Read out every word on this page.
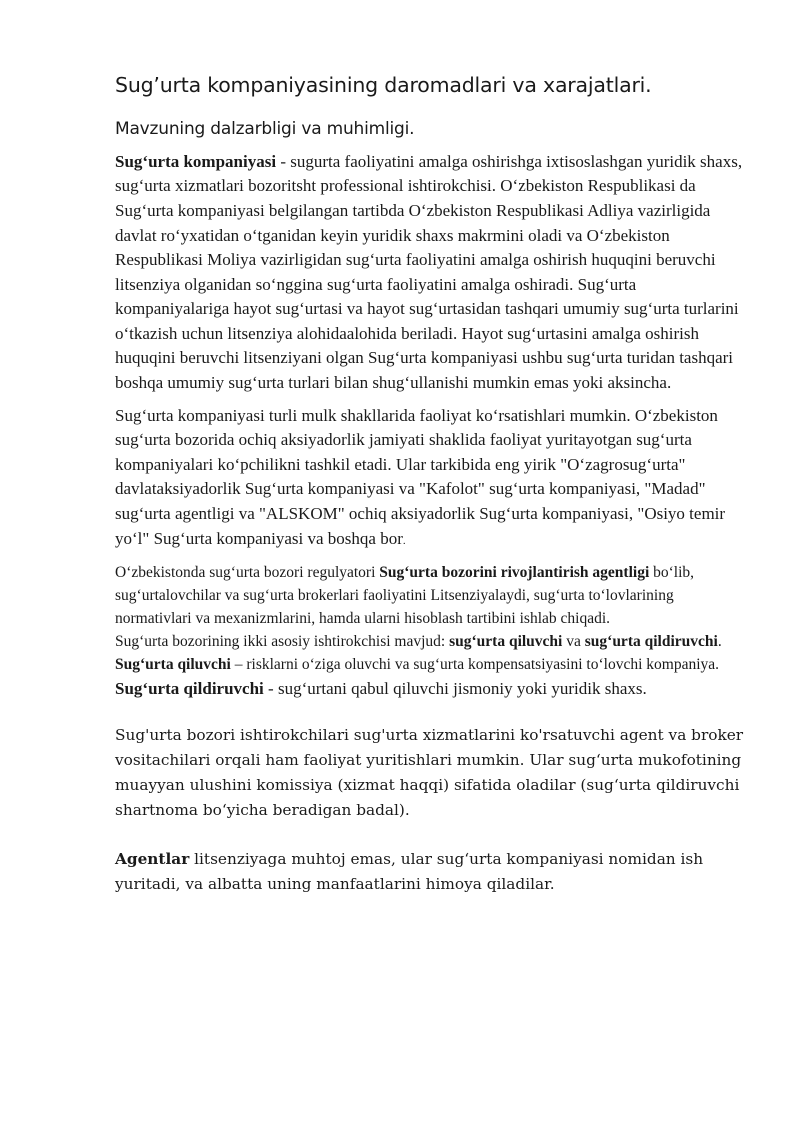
Sug’urta kompaniyasining daromadlari va xarajatlari.
Mavzuning dalzarbligi va muhimligi.

Sug‘urta kompaniyasi - sugurta faoliyatini amalga oshirishga ixtisoslashgan yuridik shaxs, sug‘urta xizmatlari bozoritsht professional ishtirokchisi. O‘zbekiston Respublikasi da Sug‘urta kompaniyasi belgilangan tartibda O‘zbekiston Respublikasi Adliya vazirligida davlat ro‘yxatidan o‘tganidan keyin yuridik shaxs makrmini oladi va O‘zbekiston Respublikasi Moliya vazirligidan sug‘urta faoliyatini amalga oshirish huquqini beruvchi litsenziya olganidan so‘nggina sug‘urta faoliyatini amalga oshiradi. Sug‘urta kompaniyalariga hayot sug‘urtasi va hayot sug‘urtasidan tashqari umumiy sug‘urta turlarini o‘tkazish uchun litsenziya alohidaalohida beriladi. Hayot sug‘urtasini amalga oshirish huquqini beruvchi litsenziyani olgan Sug‘urta kompaniyasi ushbu sug‘urta turidan tashqari boshqa umumiy sug‘urta turlari bilan shug‘ullanishi mumkin emas yoki aksincha.

Sug‘urta kompaniyasi turli mulk shakllarida faoliyat ko‘rsatishlari mumkin. O‘zbekiston sug‘urta bozorida ochiq aksiyadorlik jamiyati shaklida faoliyat yuritayotgan sug‘urta kompaniyalari ko‘pchilikni tashkil etadi. Ular tarkibida eng yirik "O‘zagrosug‘urta" davlataksiyadorlik Sug‘urta kompaniyasi va "Kafolot" sug‘urta kompaniyasi, "Madad" sug‘urta agentligi va "ALSKOM" ochiq aksiyadorlik Sug‘urta kompaniyasi, "Osiyo temir yo‘l" Sug‘urta kompaniyasi va boshqa bor.

O‘zbekistonda sug‘urta bozori regulyatori Sug‘urta bozorini rivojlantirish agentligi bo‘lib, sug‘urtalovchilar va sug‘urta brokerlari faoliyatini Litsenziyalaydi, sug‘urta to‘lovlarining normativlari va mexanizmlarini, hamda ularni hisoblash tartibini ishlab chiqadi.

Sug‘urta bozorining ikki asosiy ishtirokchisi mavjud: sug‘urta qiluvchi va sug‘urta qildiruvchi.

Sug‘urta qiluvchi – risklarni o‘ziga oluvchi va sug‘urta kompensatsiyasini to‘lovchi kompaniya.

Sug‘urta qildiruvchi - sug‘urtani qabul qiluvchi jismoniy yoki yuridik shaxs.

Sug'urta bozori ishtirokchilari sug'urta xizmatlarini ko'rsatuvchi agent va broker vositachilari orqali ham faoliyat yuritishlari mumkin. Ular sug‘urta mukofotining muayyan ulushini komissiya (xizmat haqqi) sifatida oladilar (sug‘urta qildiruvchi shartnoma bo‘yicha beradigan badal).

Agentlar litsenziyaga muhtoj emas, ular sug‘urta kompaniyasi nomidan ish yuritadi, va albatta uning manfaatlarini himoya qiladilar.
